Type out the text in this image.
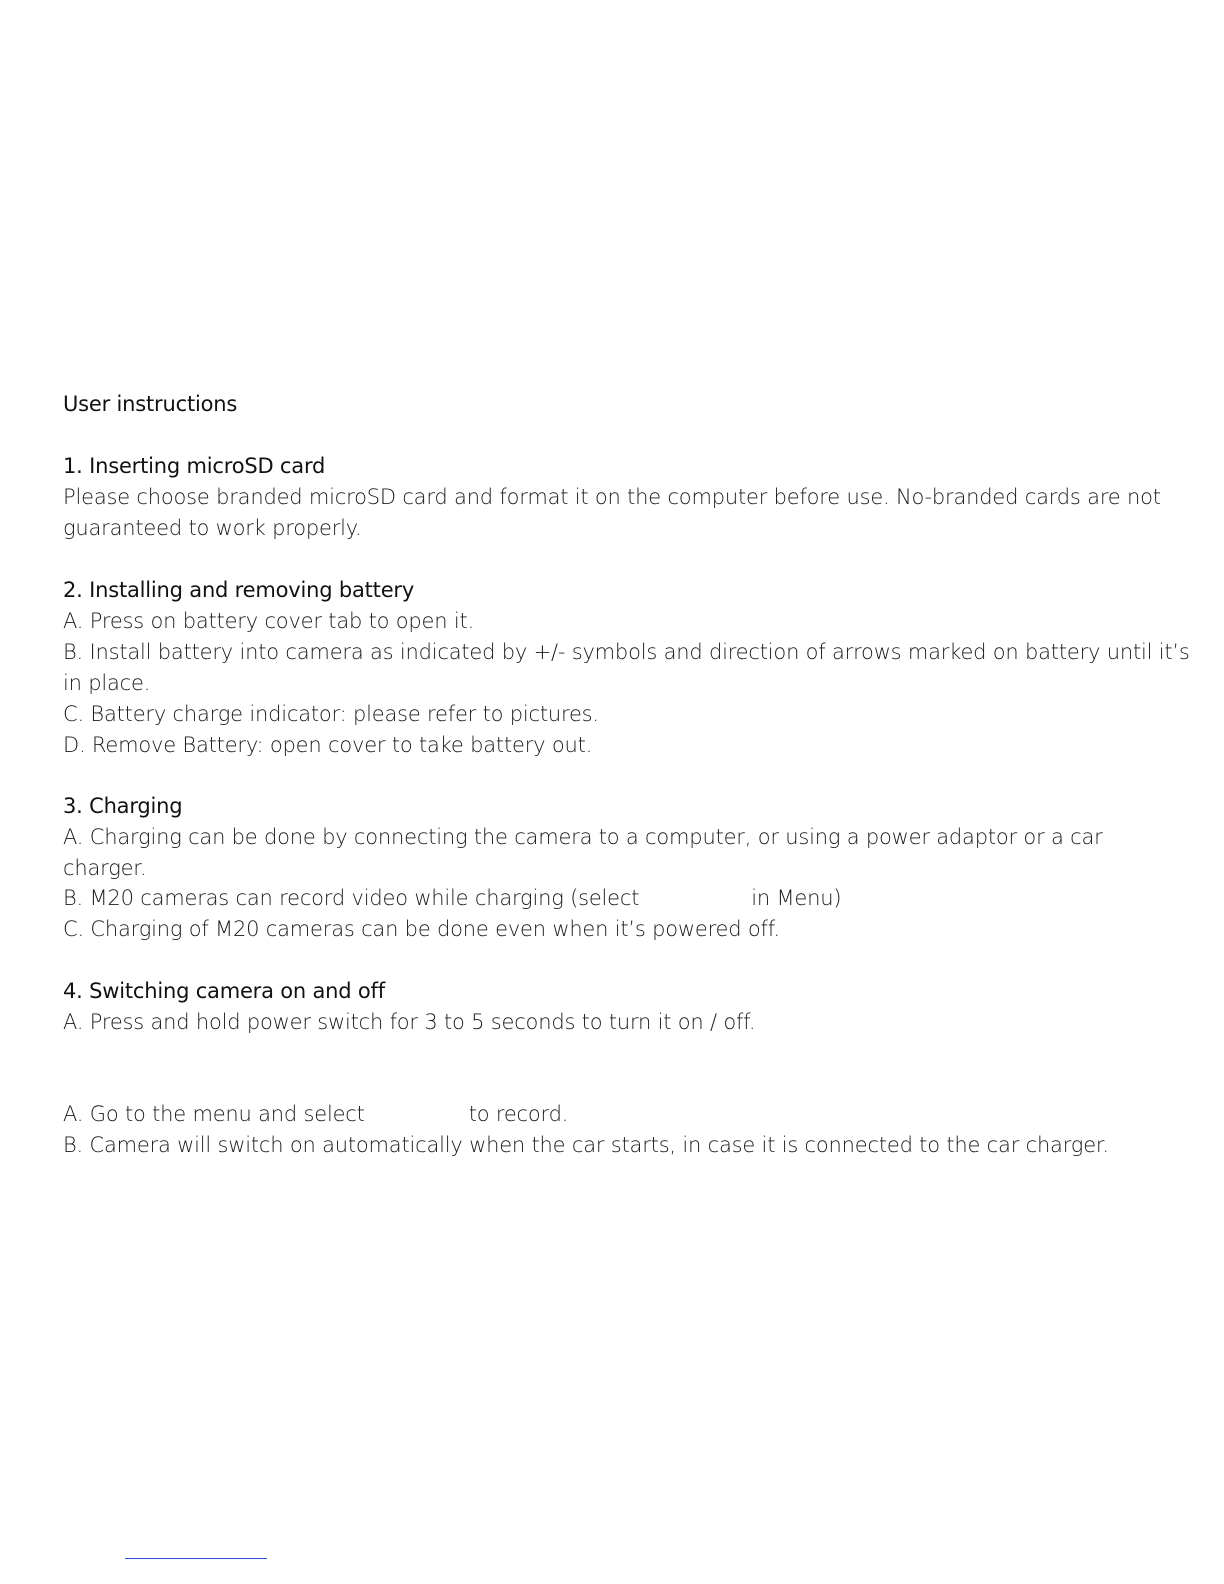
User instructions
1. Inserting microSD card
Please choose branded microSD card and format it on the computer before use. No-branded cards are not
guaranteed to work properly.
2. Installing and removing battery
A. Press on battery cover tab to open it.
B. Install battery into camera as indicated by +/- symbols and direction of arrows marked on battery until it’s
in place.
C. Battery charge indicator: please refer to pictures.
D. Remove Battery: open cover to take battery out.
3. Charging
A. Charging can be done by connecting the camera to a computer, or using a power adaptor or a car
charger.
B. M20 cameras can record video while charging (select	in Menu)
C. Charging of M20 cameras can be done even when it’s powered off.
4. Switching camera on and off
A. Press and hold power switch for 3 to 5 seconds to turn it on / off.
A. Go to the menu and select	to record.
B. Camera will switch on automatically when the car starts, in case it is connected to the car charger.
